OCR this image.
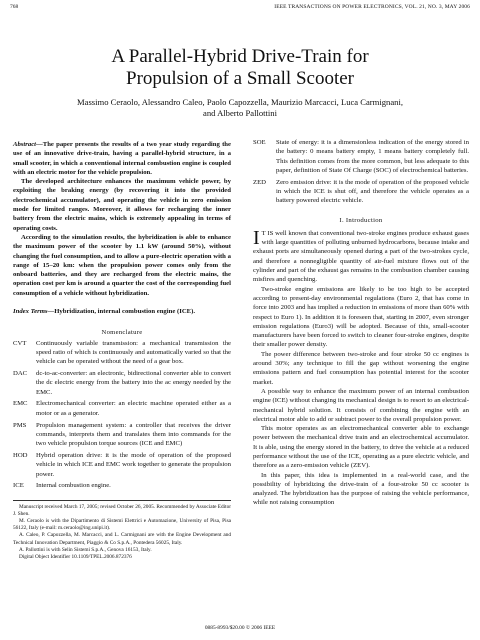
768	IEEE TRANSACTIONS ON POWER ELECTRONICS, VOL. 21, NO. 3, MAY 2006
A Parallel-Hybrid Drive-Train for
Propulsion of a Small Scooter
Massimo Ceraolo, Alessandro Caleo, Paolo Capozzella, Maurizio Marcacci, Luca Carmignani, and Alberto Pallottini

Abstract—The paper presents the results of a two year study regarding the use of an innovative drive-train, having a parallel-hybrid structure, in a small scooter, in which a conventional internal combustion engine is coupled with an electric motor for the vehicle propulsion.

The developed architecture enhances the maximum vehicle power, by exploiting the braking energy (by recovering it into the provided electrochemical accumulator), and operating the vehicle in zero emission mode for limited ranges. Moreover, it allows for recharging the inner battery from the electric mains, which is extremely appealing in terms of operating costs.

According to the simulation results, the hybridization is able to enhance the maximum power of the scooter by 1.1 kW (around 50%), without changing the fuel consumption, and to allow a pure-electric operation with a range of 15–20 km: when the propulsion power comes only from the onboard batteries, and they are recharged from the electric mains, the operation cost per km is around a quarter the cost of the corresponding fuel consumption of a vehicle without hybridization.

Index Terms—Hybridization, internal combustion engine (ICE).
Nomenclature
CVT	Continuously variable transmission: a mechanical transmission the speed ratio of which is continuously and automatically varied so that the vehicle can be operated without the need of a gear box.
DAC	dc-to-ac-converter: an electronic, bidirectional converter able to convert the dc electric energy from the battery into the ac energy needed by the EMC.
EMC	Electromechanical converter: an electric machine operated either as a motor or as a generator.
PMS	Propulsion management system: a controller that receives the driver commands, interprets them and translates them into commands for the two vehicle propulsion torque sources (ICE and EMC)
HOD	Hybrid operation drive: it is the mode of operation of the proposed vehicle in which ICE and EMC work together to generate the propulsion power.
ICE	Internal combustion engine.

Manuscript received March 17, 2005; revised October 26, 2005. Recommended by Associate Editor J. Shen.

M. Ceraolo is with the Dipartimento di Sistemi Elettrici e Automazione, University of Pisa, Pisa 56122, Italy (e-mail: m.ceraolo@ing.unipi.it).

A. Caleo, P. Capozzella, M. Marcacci, and L. Carmignani are with the Engine Development and Technical Innovation Department, Piaggio & Co S.p.A., Pontedera 56025, Italy.

A. Pallottini is with Selin Sistemi S.p.A., Genova 16153, Italy.

Digital Object Identifier 10.1109/TPEL.2006.872376

SOE	State of energy: it is a dimensionless indication of the energy stored in the battery: 0 means battery empty, 1 means battery completely full. This definition comes from the more common, but less adequate to this paper, definition of State Of Charge (SOC) of electrochemical batteries.
ZED	Zero emission drive: it is the mode of operation of the proposed vehicle in which the ICE is shut off, and therefore the vehicle operates as a battery powered electric vehicle.
I. Introduction

I T IS well known that conventional two-stroke engines produce exhaust gases with large quantities of polluting unburned hydrocarbons, because intake and exhaust ports are simultaneously opened during a part of the two-strokes cycle, and therefore a nonnegligible quantity of air-fuel mixture flows out of the cylinder and part of the exhaust gas remains in the combustion chamber causing misfires and quenching.

Two-stroke engine emissions are likely to be too high to be accepted according to present-day environmental regulations (Euro 2, that has come in force into 2003 and has implied a reduction in emissions of more than 60% with respect to Euro 1). In addition it is foreseen that, starting in 2007, even stronger emission regulations (Euro3) will be adopted. Because of this, small-scooter manufacturers have been forced to switch to cleaner four-stroke engines, despite their smaller power density.

The power difference between two-stroke and four stroke 50 cc engines is around 30%; any technique to fill the gap without worsening the engine emissions pattern and fuel consumption has potential interest for the scooter market.

A possible way to enhance the maximum power of an internal combustion engine (ICE) without changing its mechanical design is to resort to an electrical-mechanical hybrid solution. It consists of combining the engine with an electrical motor able to add or subtract power to the overall propulsion power.

This motor operates as an electromechanical converter able to exchange power between the mechanical drive train and an electrochemical accumulator. It is able, using the energy stored in the battery, to drive the vehicle at a reduced performance without the use of the ICE, operating as a pure electric vehicle, and therefore as a zero-emission vehicle (ZEV).

In this paper, this idea is implemented in a real-world case, and the possibility of hybridizing the drive-train of a four-stroke 50 cc scooter is analyzed. The hybridization has the purpose of raising the vehicle performance, while not raising consumption

0885-8993/$20.00 © 2006 IEEE
